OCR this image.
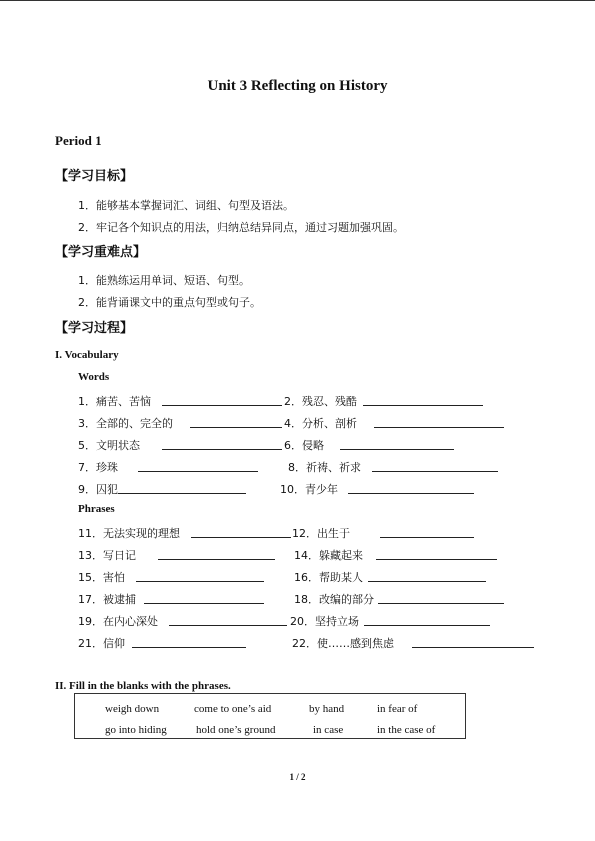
Unit 3 Reflecting on History
Period 1
【学习目标】
1．能够基本掌握词汇、词组、句型及语法。
2．牢记各个知识点的用法，归纳总结异同点，通过习题加强巩固。
【学习重难点】
1．能熟练运用单词、短语、句型。
2．能背诵课文中的重点句型或句子。
【学习过程】
I. Vocabulary
Words
1．痛苦、苦恼	2．残忍、残酷
3．全部的、完全的	4．分析、剖析
5．文明状态	6．侵略
7．珍珠	8．祈祷、祈求
9．囚犯	10．青少年
Phrases
11．无法实现的理想	12．出生于
13．写日记	14．躲藏起来
15．害怕	16．帮助某人
17．被逮捕	18．改编的部分
19．在内心深处	20．坚持立场
21．信仰	22．使……感到焦虑
II. Fill in the blanks with the phrases.
weigh down	come to one’s aid	by hand	in fear of
go into hiding	hold one’s ground	in case	in the case of
1 / 2
